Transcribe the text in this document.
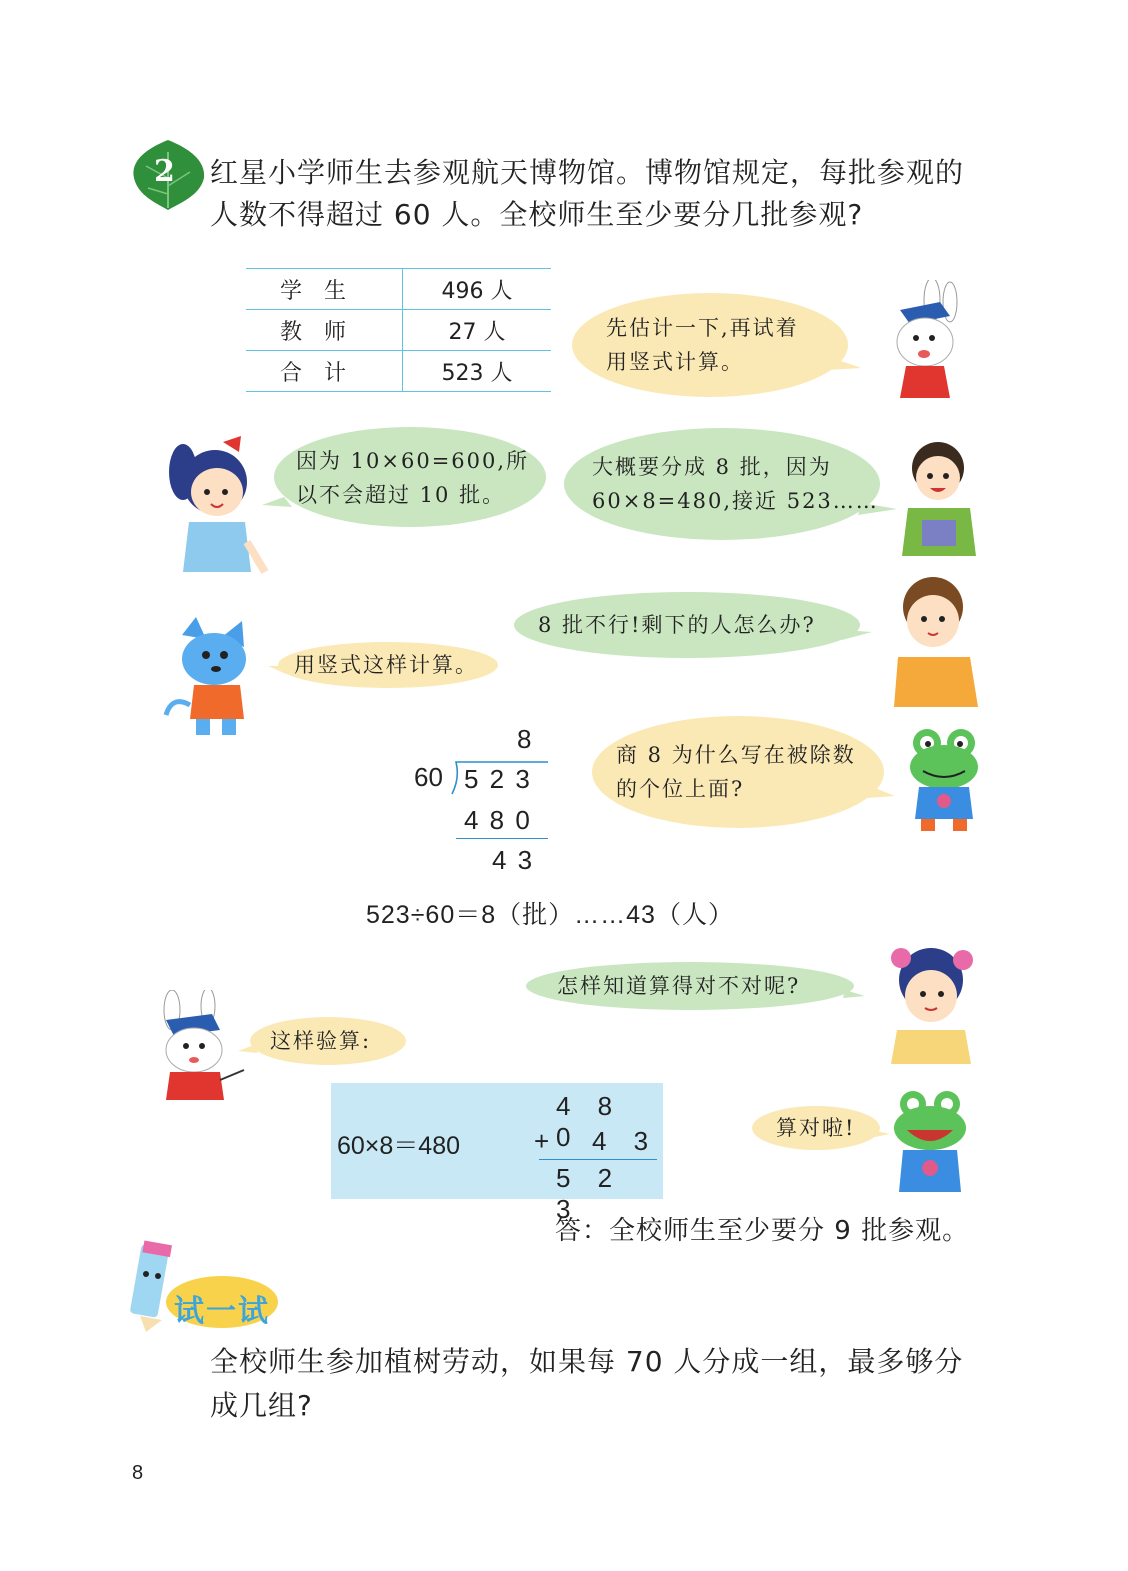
2 红星小学师生去参观航天博物馆。博物馆规定，每批参观的人数不得超过 60 人。全校师生至少要分几批参观?
学生	496 人
教师	27 人
合计	523 人
先估计一下,再试着
用竖式计算。
因为 10×60=600,所
以不会超过 10 批。
大概要分成 8 批，因为
60×8=480,接近 523……
8 批不行!剩下的人怎么办?
用竖式这样计算。
8
60 5 2 3
4 8 0
4 3
商 8 为什么写在被除数
的个位上面?
523÷60＝8（批）……43（人）
怎样知道算得对不对呢?
这样验算:
60×8＝480
4 8 0
+ 4 3
5 2 3
算对啦!
答：全校师生至少要分 9 批参观。
试一试
全校师生参加植树劳动，如果每 70 人分成一组，最多够分成几组?
8
